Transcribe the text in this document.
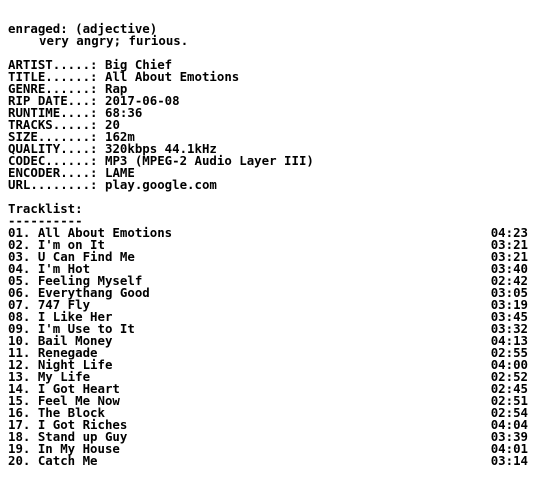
enraged: (adjective)
very angry; furious.
ARTIST.....: Big Chief
TITLE......: All About Emotions
GENRE......: Rap
RIP DATE...: 2017-06-08
RUNTIME....: 68:36
TRACKS.....: 20
SIZE.......: 162m
QUALITY....: 320kbps 44.1kHz
CODEC......: MP3 (MPEG-2 Audio Layer III)
ENCODER....: LAME
URL........: play.google.com
Tracklist:
----------
01. All About Emotions	04:23
02. I'm on It	03:21
03. U Can Find Me	03:21
04. I'm Hot	03:40
05. Feeling Myself	02:42
06. Everythang Good	03:05
07. 747 Fly	03:19
08. I Like Her	03:45
09. I'm Use to It	03:32
10. Bail Money	04:13
11. Renegade	02:55
12. Night Life	04:00
13. My Life	02:52
14. I Got Heart	02:45
15. Feel Me Now	02:51
16. The Block	02:54
17. I Got Riches	04:04
18. Stand up Guy	03:39
19. In My House	04:01
20. Catch Me	03:14
